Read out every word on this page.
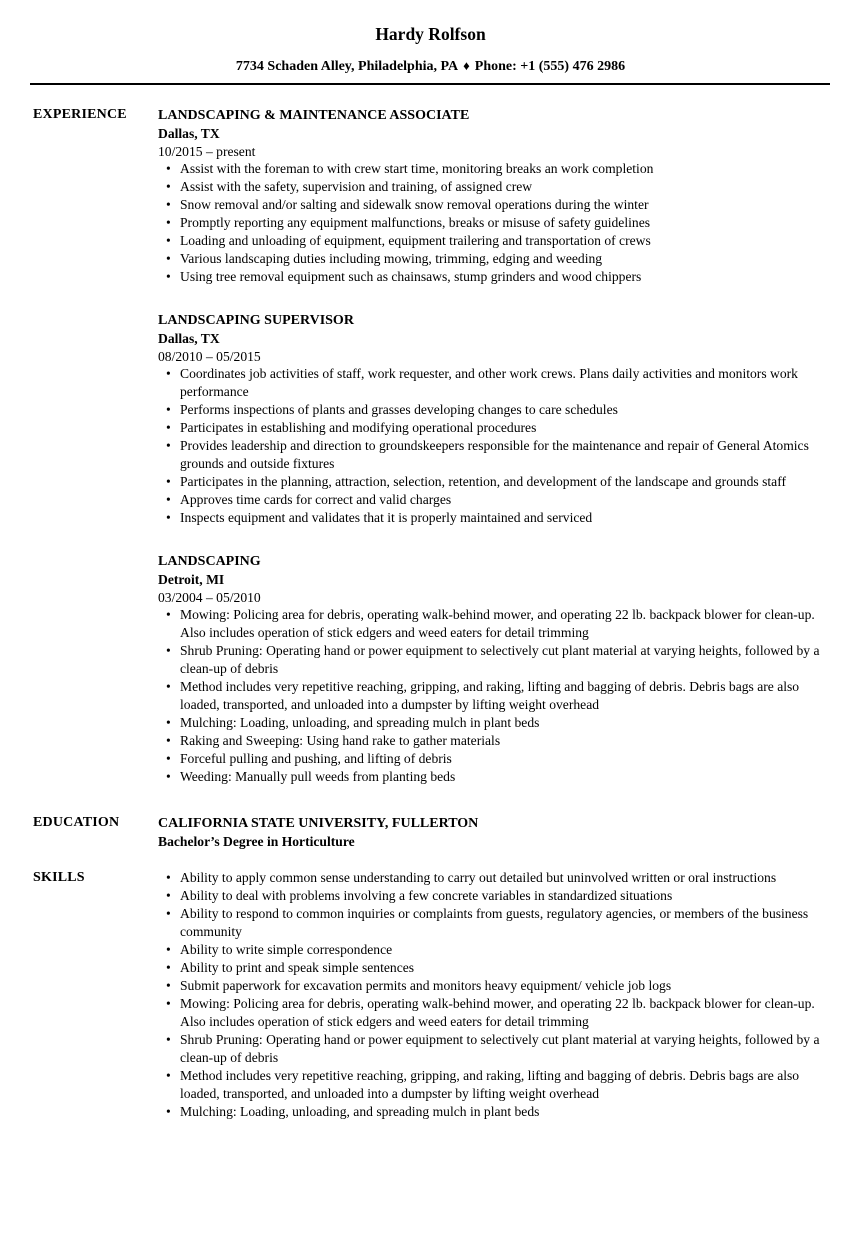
Hardy Rolfson
7734 Schaden Alley, Philadelphia, PA ♦ Phone: +1 (555) 476 2986
EXPERIENCE	LANDSCAPING & MAINTENANCE ASSOCIATE
Dallas, TX
10/2015 – present
• Assist with the foreman to with crew start time, monitoring breaks an work completion
• Assist with the safety, supervision and training, of assigned crew
• Snow removal and/or salting and sidewalk snow removal operations during the winter
• Promptly reporting any equipment malfunctions, breaks or misuse of safety guidelines
• Loading and unloading of equipment, equipment trailering and transportation of crews
• Various landscaping duties including mowing, trimming, edging and weeding
• Using tree removal equipment such as chainsaws, stump grinders and wood chippers
LANDSCAPING SUPERVISOR
Dallas, TX
08/2010 – 05/2015
• Coordinates job activities of staff, work requester, and other work crews. Plans daily activities and monitors work performance
• Performs inspections of plants and grasses developing changes to care schedules
• Participates in establishing and modifying operational procedures
• Provides leadership and direction to groundskeepers responsible for the maintenance and repair of General Atomics grounds and outside fixtures
• Participates in the planning, attraction, selection, retention, and development of the landscape and grounds staff
• Approves time cards for correct and valid charges
• Inspects equipment and validates that it is properly maintained and serviced
LANDSCAPING
Detroit, MI
03/2004 – 05/2010
• Mowing: Policing area for debris, operating walk-behind mower, and operating 22 lb. backpack blower for clean-up. Also includes operation of stick edgers and weed eaters for detail trimming
• Shrub Pruning: Operating hand or power equipment to selectively cut plant material at varying heights, followed by a clean-up of debris
• Method includes very repetitive reaching, gripping, and raking, lifting and bagging of debris. Debris bags are also loaded, transported, and unloaded into a dumpster by lifting weight overhead
• Mulching: Loading, unloading, and spreading mulch in plant beds
• Raking and Sweeping: Using hand rake to gather materials
• Forceful pulling and pushing, and lifting of debris
• Weeding: Manually pull weeds from planting beds
EDUCATION	CALIFORNIA STATE UNIVERSITY, FULLERTON
Bachelor’s Degree in Horticulture
SKILLS	• Ability to apply common sense understanding to carry out detailed but uninvolved written or oral instructions
• Ability to deal with problems involving a few concrete variables in standardized situations
• Ability to respond to common inquiries or complaints from guests, regulatory agencies, or members of the business community
• Ability to write simple correspondence
• Ability to print and speak simple sentences
• Submit paperwork for excavation permits and monitors heavy equipment/ vehicle job logs
• Mowing: Policing area for debris, operating walk-behind mower, and operating 22 lb. backpack blower for clean-up. Also includes operation of stick edgers and weed eaters for detail trimming
• Shrub Pruning: Operating hand or power equipment to selectively cut plant material at varying heights, followed by a clean-up of debris
• Method includes very repetitive reaching, gripping, and raking, lifting and bagging of debris. Debris bags are also loaded, transported, and unloaded into a dumpster by lifting weight overhead
• Mulching: Loading, unloading, and spreading mulch in plant beds
